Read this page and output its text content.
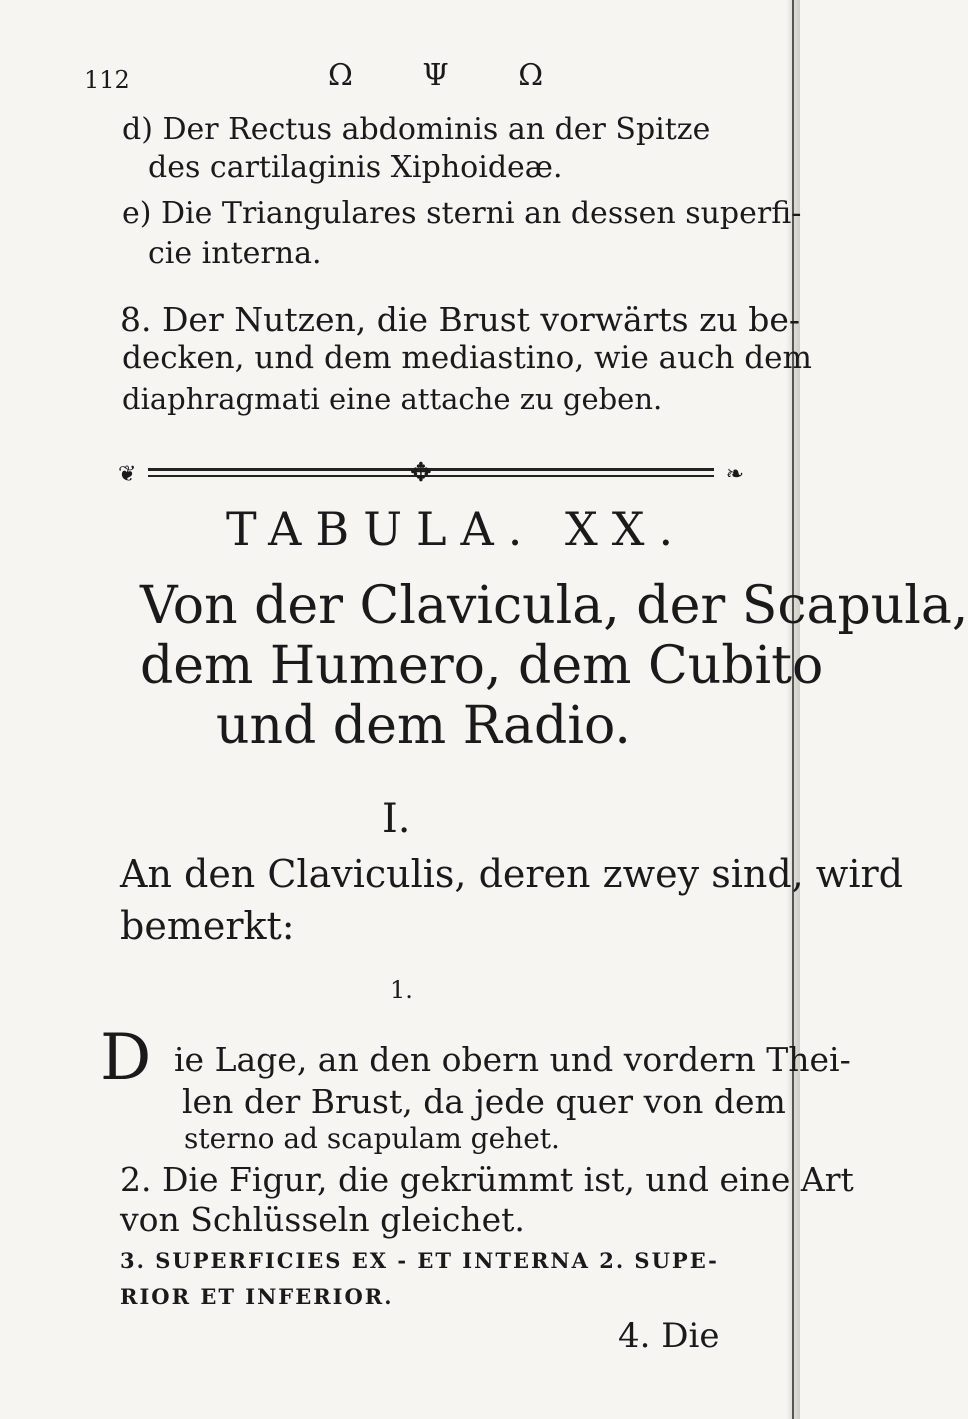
112	Ω Ψ Ω
d) Der Rectus abdominis an der Spitze
des cartilaginis Xiphoideæ.
e) Die Triangulares sterni an dessen superfi-
cie interna.
8. Der Nutzen, die Brust vorwärts zu be-
decken, und dem mediastino, wie auch dem
diaphragmati eine attache zu geben.
❦	✥	❧
TABULA. XX.
Von der Clavicula, der Scapula,
dem Humero, dem Cubito
und dem Radio.
I.
An den Claviculis, deren zwey sind, wird
bemerkt:
1.
D ie Lage, an den obern und vordern Thei-
len der Brust, da jede quer von dem
sterno ad scapulam gehet.
2. Die Figur, die gekrümmt ist, und eine Art
von Schlüsseln gleichet.
3. SUPERFICIES EX - ET INTERNA 2. SUPE-
RIOR ET INFERIOR.
4. Die
